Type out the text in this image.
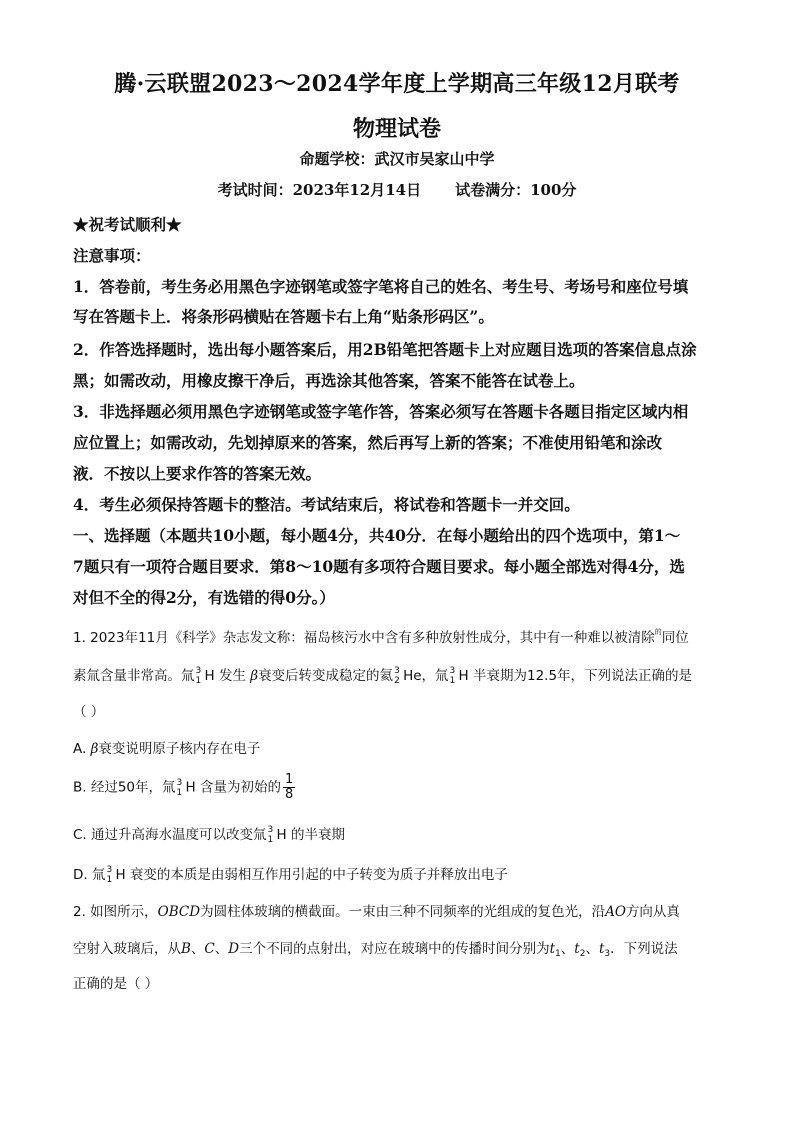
腾·云联盟2023～2024学年度上学期高三年级12月联考
物理试卷
命题学校：武汉市吴家山中学
考试时间：2023年12月14日 试卷满分：100分
★祝考试顺利★
注意事项：
1．答卷前，考生务必用黑色字迹钢笔或签字笔将自己的姓名、考生号、考场号和座位号填
写在答题卡上．将条形码横贴在答题卡右上角“贴条形码区”。
2．作答选择题时，选出每小题答案后，用2B铅笔把答题卡上对应题目选项的答案信息点涂
黑；如需改动，用橡皮擦干净后，再选涂其他答案，答案不能答在试卷上。
3．非选择题必须用黑色字迹钢笔或签字笔作答，答案必须写在答题卡各题目指定区域内相
应位置上；如需改动，先划掉原来的答案，然后再写上新的答案；不准使用铅笔和涂改
液．不按以上要求作答的答案无效。
4．考生必须保持答题卡的整洁。考试结束后，将试卷和答题卡一并交回。
一、选择题（本题共10小题，每小题4分，共40分．在每小题给出的四个选项中，第1～
7题只有一项符合题目要求．第8～10题有多项符合题目要求。每小题全部选对得4分，选
对但不全的得2分，有选错的得0分。）
1. 2023年11月《科学》杂志发文称：福岛核污水中含有多种放射性成分，其中有一种难以被清除$^的$同位
素氚含量非常高。氚 3
1 H 发生 β衰变后转变成稳定的氦 3
2 He，氚 3
1 H 半衰期为12.5年，下列说法正确的是
（ ）
A. β衰变说明原子核内存在电子
B. 经过50年，氚 3
1 H 含量为初始的 $\frac{1}{8}$
C. 通过升高海水温度可以改变氚 3
1 H 的半衰期
D. 氚 3
1 H 衰变的本质是由弱相互作用引起的中子转变为质子并释放出电子
2. 如图所示，OBCD为圆柱体玻璃的横截面。一束由三种不同频率的光组成的复色光，沿AO方向从真
空射入玻璃后，从B、C、D三个不同的点射出，对应在玻璃中的传播时间分别为$t_1$、$t_2$、$t_3$．下列说法
正确的是（ ）
